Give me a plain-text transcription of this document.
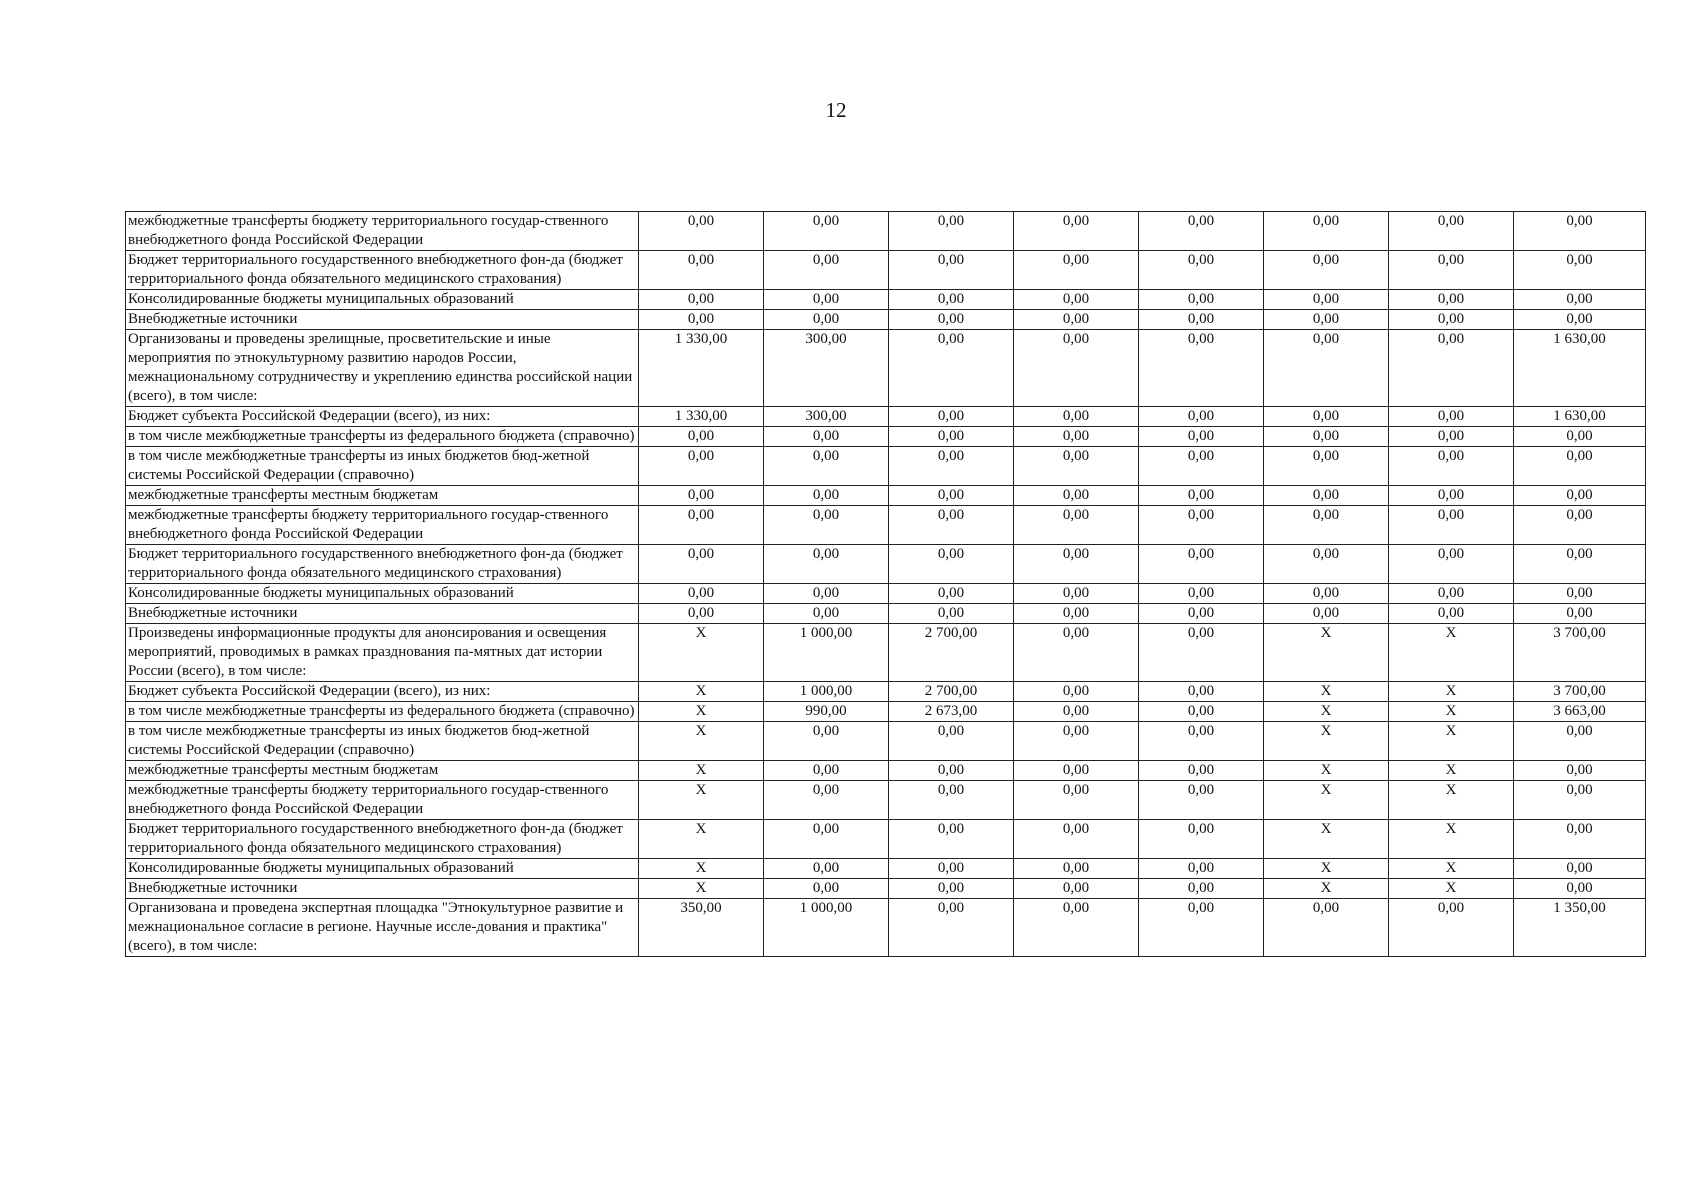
12
межбюджетные трансферты бюджету территориального государ-ственного внебюджетного фонда Российской Федерации	0,00	0,00	0,00	0,00	0,00	0,00	0,00	0,00
Бюджет территориального государственного внебюджетного фон-да (бюджет территориального фонда обязательного медицинского страхования)	0,00	0,00	0,00	0,00	0,00	0,00	0,00	0,00
Консолидированные бюджеты муниципальных образований	0,00	0,00	0,00	0,00	0,00	0,00	0,00	0,00
Внебюджетные источники	0,00	0,00	0,00	0,00	0,00	0,00	0,00	0,00
Организованы и проведены зрелищные, просветительские и иные мероприятия по этнокультурному развитию народов России, межнациональному сотрудничеству и укреплению единства российской нации (всего), в том числе:	1 330,00	300,00	0,00	0,00	0,00	0,00	0,00	1 630,00
Бюджет субъекта Российской Федерации (всего), из них:	1 330,00	300,00	0,00	0,00	0,00	0,00	0,00	1 630,00
в том числе межбюджетные трансферты из федерального бюджета (справочно)	0,00	0,00	0,00	0,00	0,00	0,00	0,00	0,00
в том числе межбюджетные трансферты из иных бюджетов бюд-жетной системы Российской Федерации (справочно)	0,00	0,00	0,00	0,00	0,00	0,00	0,00	0,00
межбюджетные трансферты местным бюджетам	0,00	0,00	0,00	0,00	0,00	0,00	0,00	0,00
межбюджетные трансферты бюджету территориального государ-ственного внебюджетного фонда Российской Федерации	0,00	0,00	0,00	0,00	0,00	0,00	0,00	0,00
Бюджет территориального государственного внебюджетного фон-да (бюджет территориального фонда обязательного медицинского страхования)	0,00	0,00	0,00	0,00	0,00	0,00	0,00	0,00
Консолидированные бюджеты муниципальных образований	0,00	0,00	0,00	0,00	0,00	0,00	0,00	0,00
Внебюджетные источники	0,00	0,00	0,00	0,00	0,00	0,00	0,00	0,00
Произведены информационные продукты для анонсирования и освещения мероприятий, проводимых в рамках празднования па-мятных дат истории России (всего), в том числе:	Х	1 000,00	2 700,00	0,00	0,00	Х	Х	3 700,00
Бюджет субъекта Российской Федерации (всего), из них:	Х	1 000,00	2 700,00	0,00	0,00	Х	Х	3 700,00
в том числе межбюджетные трансферты из федерального бюджета (справочно)	Х	990,00	2 673,00	0,00	0,00	Х	Х	3 663,00
в том числе межбюджетные трансферты из иных бюджетов бюд-жетной системы Российской Федерации (справочно)	Х	0,00	0,00	0,00	0,00	Х	Х	0,00
межбюджетные трансферты местным бюджетам	Х	0,00	0,00	0,00	0,00	Х	Х	0,00
межбюджетные трансферты бюджету территориального государ-ственного внебюджетного фонда Российской Федерации	Х	0,00	0,00	0,00	0,00	Х	Х	0,00
Бюджет территориального государственного внебюджетного фон-да (бюджет территориального фонда обязательного медицинского страхования)	Х	0,00	0,00	0,00	0,00	Х	Х	0,00
Консолидированные бюджеты муниципальных образований	Х	0,00	0,00	0,00	0,00	Х	Х	0,00
Внебюджетные источники	Х	0,00	0,00	0,00	0,00	Х	Х	0,00
Организована и проведена экспертная площадка "Этнокультурное развитие и межнациональное согласие в регионе. Научные иссле-дования и практика" (всего), в том числе:	350,00	1 000,00	0,00	0,00	0,00	0,00	0,00	1 350,00
